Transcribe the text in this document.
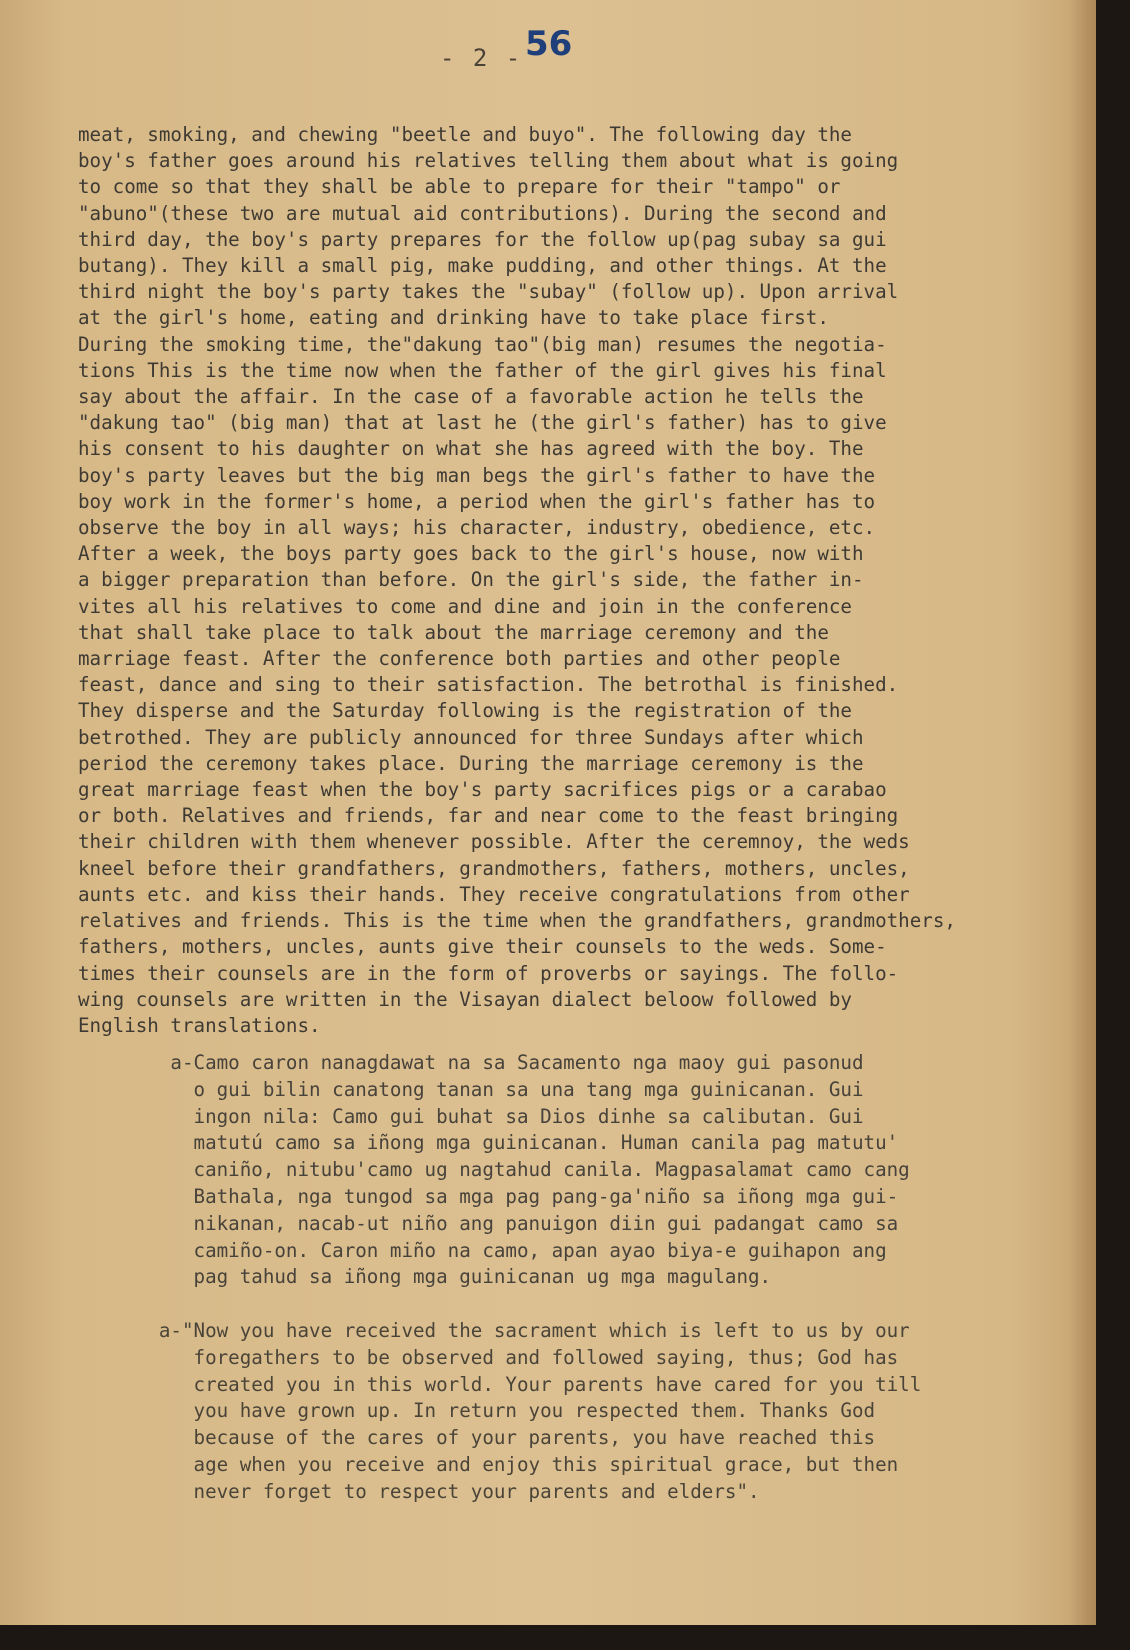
- 2 - 56
meat, smoking, and chewing "beetle and buyo". The following day the
boy's father goes around his relatives telling them about what is going
to come so that they shall be able to prepare for their "tampo" or
"abuno"(these two are mutual aid contributions). During the second and
third day, the boy's party prepares for the follow up(pag subay sa gui
butang). They kill a small pig, make pudding, and other things. At the
third night the boy's party takes the "subay" (follow up). Upon arrival
at the girl's home, eating and drinking have to take place first.
During the smoking time, the"dakung tao"(big man) resumes the negotia-
tions This is the time now when the father of the girl gives his final
say about the affair. In the case of a favorable action he tells the
"dakung tao" (big man) that at last he (the girl's father) has to give
his consent to his daughter on what she has agreed with the boy. The
boy's party leaves but the big man begs the girl's father to have the
boy work in the former's home, a period when the girl's father has to
observe the boy in all ways; his character, industry, obedience, etc.
After a week, the boys party goes back to the girl's house, now with
a bigger preparation than before. On the girl's side, the father in-
vites all his relatives to come and dine and join in the conference
that shall take place to talk about the marriage ceremony and the
marriage feast. After the conference both parties and other people
feast, dance and sing to their satisfaction. The betrothal is finished.
They disperse and the Saturday following is the registration of the
betrothed. They are publicly announced for three Sundays after which
period the ceremony takes place. During the marriage ceremony is the
great marriage feast when the boy's party sacrifices pigs or a carabao
or both. Relatives and friends, far and near come to the feast bringing
their children with them whenever possible. After the ceremnoy, the weds
kneel before their grandfathers, grandmothers, fathers, mothers, uncles,
aunts etc. and kiss their hands. They receive congratulations from other
relatives and friends. This is the time when the grandfathers, grandmothers,
fathers, mothers, uncles, aunts give their counsels to the weds. Some-
times their counsels are in the form of proverbs or sayings. The follo-
wing counsels are written in the Visayan dialect beloow followed by
English translations.
a-Camo caron nanagdawat na sa Sacamento nga maoy gui pasonud
o gui bilin canatong tanan sa una tang mga guinicanan. Gui
ingon nila: Camo gui buhat sa Dios dinhe sa calibutan. Gui
matutú camo sa iñong mga guinicanan. Human canila pag matutu'
caniño, nitubu'camo ug nagtahud canila. Magpasalamat camo cang
Bathala, nga tungod sa mga pag pang-ga'niño sa iñong mga gui-
nikanan, nacab-ut niño ang panuigon diin gui padangat camo sa
camiño-on. Caron miño na camo, apan ayao biya-e guihapon ang
pag tahud sa iñong mga guinicanan ug mga magulang.
a-"Now you have received the sacrament which is left to us by our
foregathers to be observed and followed saying, thus; God has
created you in this world. Your parents have cared for you till
you have grown up. In return you respected them. Thanks God
because of the cares of your parents, you have reached this
age when you receive and enjoy this spiritual grace, but then
never forget to respect your parents and elders".
